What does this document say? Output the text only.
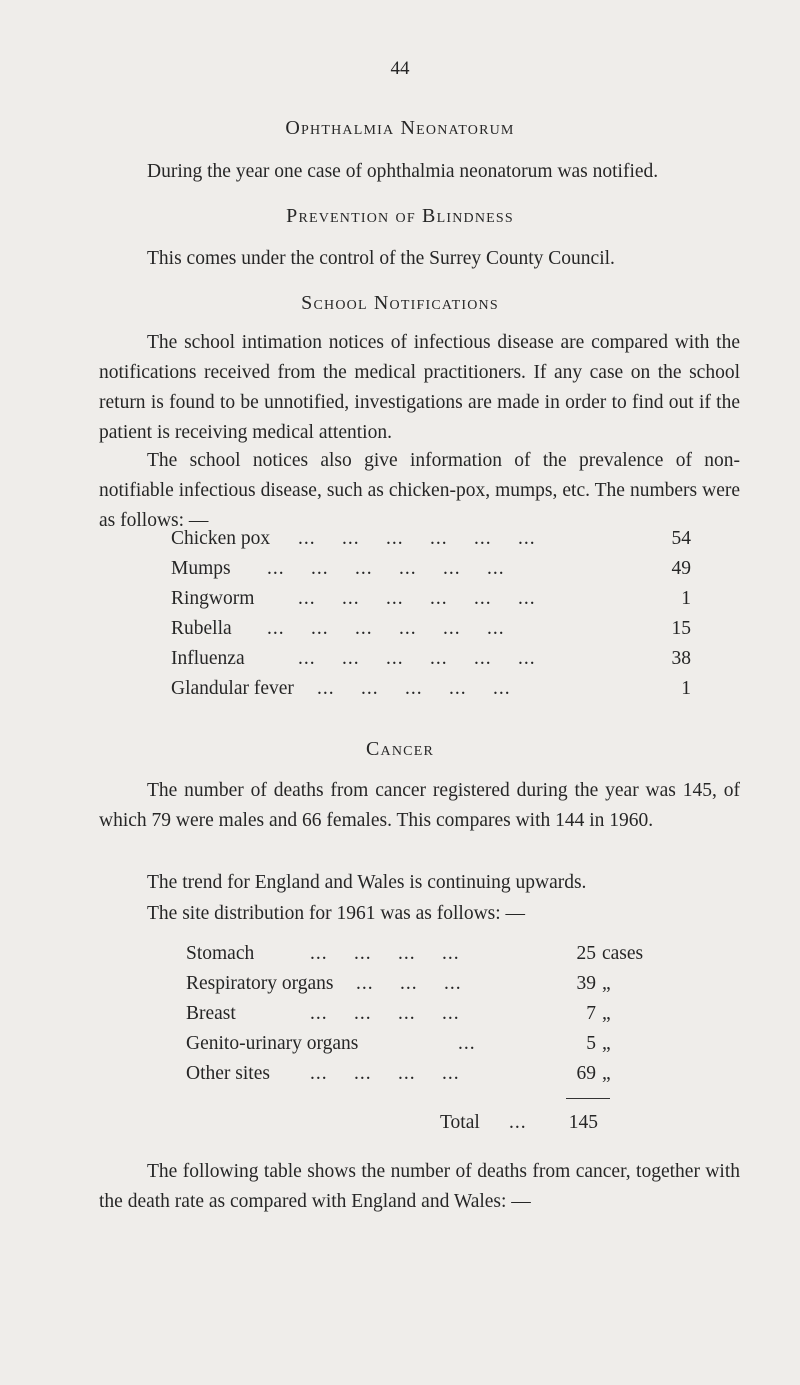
44
Ophthalmia Neonatorum
During the year one case of ophthalmia neonatorum was notified.
Prevention of Blindness
This comes under the control of the Surrey County Council.
School Notifications
The school intimation notices of infectious disease are compared with the notifications received from the medical practitioners. If any case on the school return is found to be unnotified, investigations are made in order to find out if the patient is receiving medical attention.
The school notices also give information of the prevalence of non-notifiable infectious disease, such as chicken-pox, mumps, etc. The numbers were as follows: —
Chicken pox ...  ...  ...  ...  ...  ...	54
Mumps ...  ...  ...  ...  ...  ...	49
Ringworm ...  ...  ...  ...  ...  ...	1
Rubella ...  ...  ...  ...  ...  ...	15
Influenza	...  ...  ...  ...  ...  ...	38
Glandular fever ...  ...  ...  ...  ...	1
Cancer
The number of deaths from cancer registered during the year was 145, of which 79 were males and 66 females. This compares with 144 in 1960.
The trend for England and Wales is continuing upwards.
The site distribution for 1961 was as follows: —
Stomach	...  ...  ...  ...	25 cases
Respiratory organs ...  ...  ...	39 „
Breast	...  ...  ...  ...	7 „
Genito-urinary organs	...	5 „
Other sites ...  ...  ...  ...	69 „
Total ...	145
The following table shows the number of deaths from cancer, together with the death rate as compared with England and Wales: —
